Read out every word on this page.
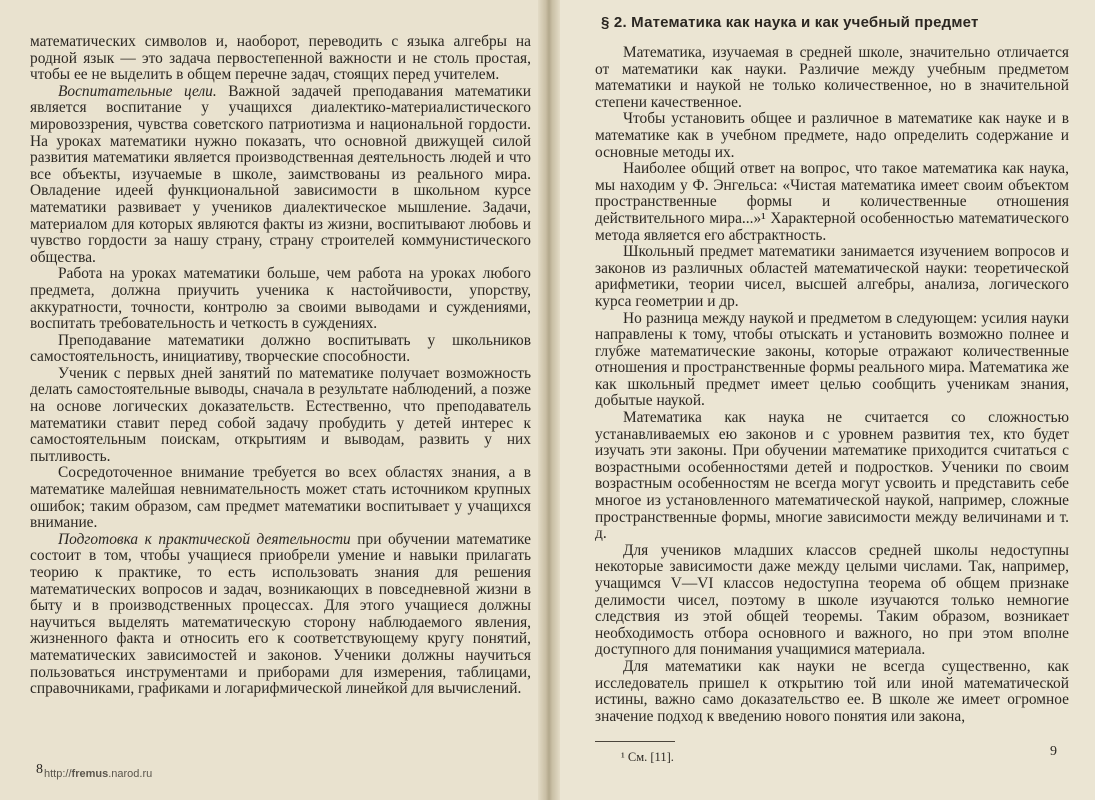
математических символов и, наоборот, переводить с языка алгебры на родной язык — это задача первостепенной важности и не столь простая, чтобы ее не выделить в общем перечне задач, стоящих перед учителем.

Воспитательные цели. Важной задачей преподавания математики является воспитание у учащихся диалектико-материалистического мировоззрения, чувства советского патриотизма и национальной гордости. На уроках математики нужно показать, что основной движущей силой развития математики является производственная деятельность людей и что все объекты, изучаемые в школе, заимствованы из реального мира. Овладение идеей функциональной зависимости в школьном курсе математики развивает у учеников диалектическое мышление. Задачи, материалом для которых являются факты из жизни, воспитывают любовь и чувство гордости за нашу страну, страну строителей коммунистического общества.

Работа на уроках математики больше, чем работа на уроках любого предмета, должна приучить ученика к настойчивости, упорству, аккуратности, точности, контролю за своими выводами и суждениями, воспитать требовательность и четкость в суждениях.

Преподавание математики должно воспитывать у школьников самостоятельность, инициативу, творческие способности.

Ученик с первых дней занятий по математике получает возможность делать самостоятельные выводы, сначала в результате наблюдений, а позже на основе логических доказательств. Естественно, что преподаватель математики ставит перед собой задачу пробудить у детей интерес к самостоятельным поискам, открытиям и выводам, развить у них пытливость.

Сосредоточенное внимание требуется во всех областях знания, а в математике малейшая невнимательность может стать источником крупных ошибок; таким образом, сам предмет математики воспитывает у учащихся внимание.

Подготовка к практической деятельности при обучении математике состоит в том, чтобы учащиеся приобрели умение и навыки прилагать теорию к практике, то есть использовать знания для решения математических вопросов и задач, возникающих в повседневной жизни в быту и в производственных процессах. Для этого учащиеся должны научиться выделять математическую сторону наблюдаемого явления, жизненного факта и относить его к соответствующему кругу понятий, математических зависимостей и законов. Ученики должны научиться пользоваться инструментами и приборами для измерения, таблицами, справочниками, графиками и логарифмической линейкой для вычислений.

§ 2. Математика как наука и как учебный предмет

Математика, изучаемая в средней школе, значительно отличается от математики как науки. Различие между учебным предметом математики и наукой не только количественное, но в значительной степени качественное.

Чтобы установить общее и различное в математике как науке и в математике как в учебном предмете, надо определить содержание и основные методы их.

Наиболее общий ответ на вопрос, что такое математика как наука, мы находим у Ф. Энгельса: «Чистая математика имеет своим объектом пространственные формы и количественные отношения действительного мира...»¹ Характерной особенностью математического метода является его абстрактность.

Школьный предмет математики занимается изучением вопросов и законов из различных областей математической науки: теоретической арифметики, теории чисел, высшей алгебры, анализа, логического курса геометрии и др.

Но разница между наукой и предметом в следующем: усилия науки направлены к тому, чтобы отыскать и установить возможно полнее и глубже математические законы, которые отражают количественные отношения и пространственные формы реального мира. Математика же как школьный предмет имеет целью сообщить ученикам знания, добытые наукой.

Математика как наука не считается со сложностью устанавливаемых ею законов и с уровнем развития тех, кто будет изучать эти законы. При обучении математике приходится считаться с возрастными особенностями детей и подростков. Ученики по своим возрастным особенностям не всегда могут усвоить и представить себе многое из установленного математической наукой, например, сложные пространственные формы, многие зависимости между величинами и т. д.

Для учеников младших классов средней школы недоступны некоторые зависимости даже между целыми числами. Так, например, учащимся V—VI классов недоступна теорема об общем признаке делимости чисел, поэтому в школе изучаются только немногие следствия из этой общей теоремы. Таким образом, возникает необходимость отбора основного и важного, но при этом вполне доступного для понимания учащимися материала.

Для математики как науки не всегда существенно, как исследователь пришел к открытию той или иной математической истины, важно само доказательство ее. В школе же имеет огромное значение подход к введению нового понятия или закона,

¹ См. [11].
8 http://fremus.narod.ru
9
